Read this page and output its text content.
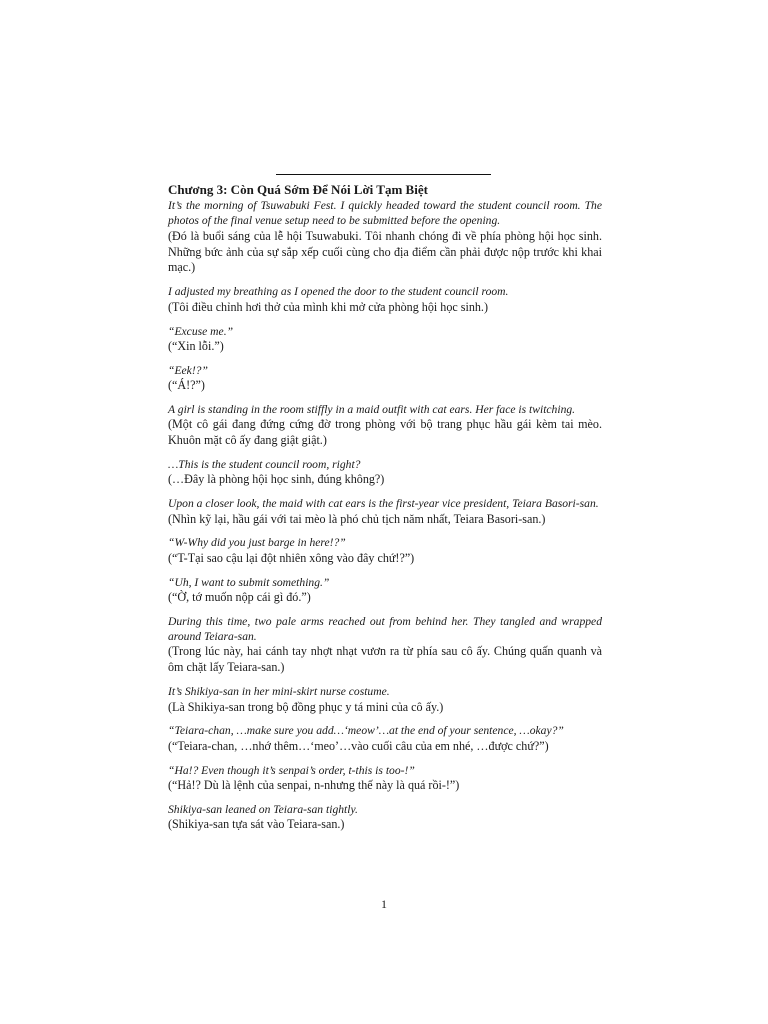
Chương 3: Còn Quá Sớm Để Nói Lời Tạm Biệt
It’s the morning of Tsuwabuki Fest. I quickly headed toward the student council room. The photos of the final venue setup need to be submitted before the opening.
(Đó là buổi sáng của lễ hội Tsuwabuki. Tôi nhanh chóng đi về phía phòng hội học sinh. Những bức ảnh của sự sắp xếp cuối cùng cho địa điểm cần phải được nộp trước khi khai mạc.)
I adjusted my breathing as I opened the door to the student council room.
(Tôi điều chỉnh hơi thở của mình khi mở cửa phòng hội học sinh.)
“Excuse me.”
(“Xin lỗi.”)
“Eek!?”
(“Á!?”)
A girl is standing in the room stiffly in a maid outfit with cat ears. Her face is twitching.
(Một cô gái đang đứng cứng đờ trong phòng với bộ trang phục hầu gái kèm tai mèo. Khuôn mặt cô ấy đang giật giật.)
…This is the student council room, right?
(…Đây là phòng hội học sinh, đúng không?)
Upon a closer look, the maid with cat ears is the first-year vice president, Teiara Basori-san.
(Nhìn kỹ lại, hầu gái với tai mèo là phó chủ tịch năm nhất, Teiara Basori-san.)
“W-Why did you just barge in here!?”
(“T-Tại sao cậu lại đột nhiên xông vào đây chứ!?”)
“Uh, I want to submit something.”
(“Ờ, tớ muốn nộp cái gì đó.”)
During this time, two pale arms reached out from behind her. They tangled and wrapped around Teiara-san.
(Trong lúc này, hai cánh tay nhợt nhạt vươn ra từ phía sau cô ấy. Chúng quấn quanh và ôm chặt lấy Teiara-san.)
It’s Shikiya-san in her mini-skirt nurse costume.
(Là Shikiya-san trong bộ đồng phục y tá mini của cô ấy.)
“Teiara-chan, …make sure you add…‘meow’…at the end of your sentence, …okay?”
(“Teiara-chan, …nhớ thêm…‘meo’…vào cuối câu của em nhé, …được chứ?”)
“Ha!? Even though it’s senpai’s order, t-this is too-!”
(“Hả!? Dù là lệnh của senpai, n-nhưng thế này là quá rồi-!”)
Shikiya-san leaned on Teiara-san tightly.
(Shikiya-san tựa sát vào Teiara-san.)
1
